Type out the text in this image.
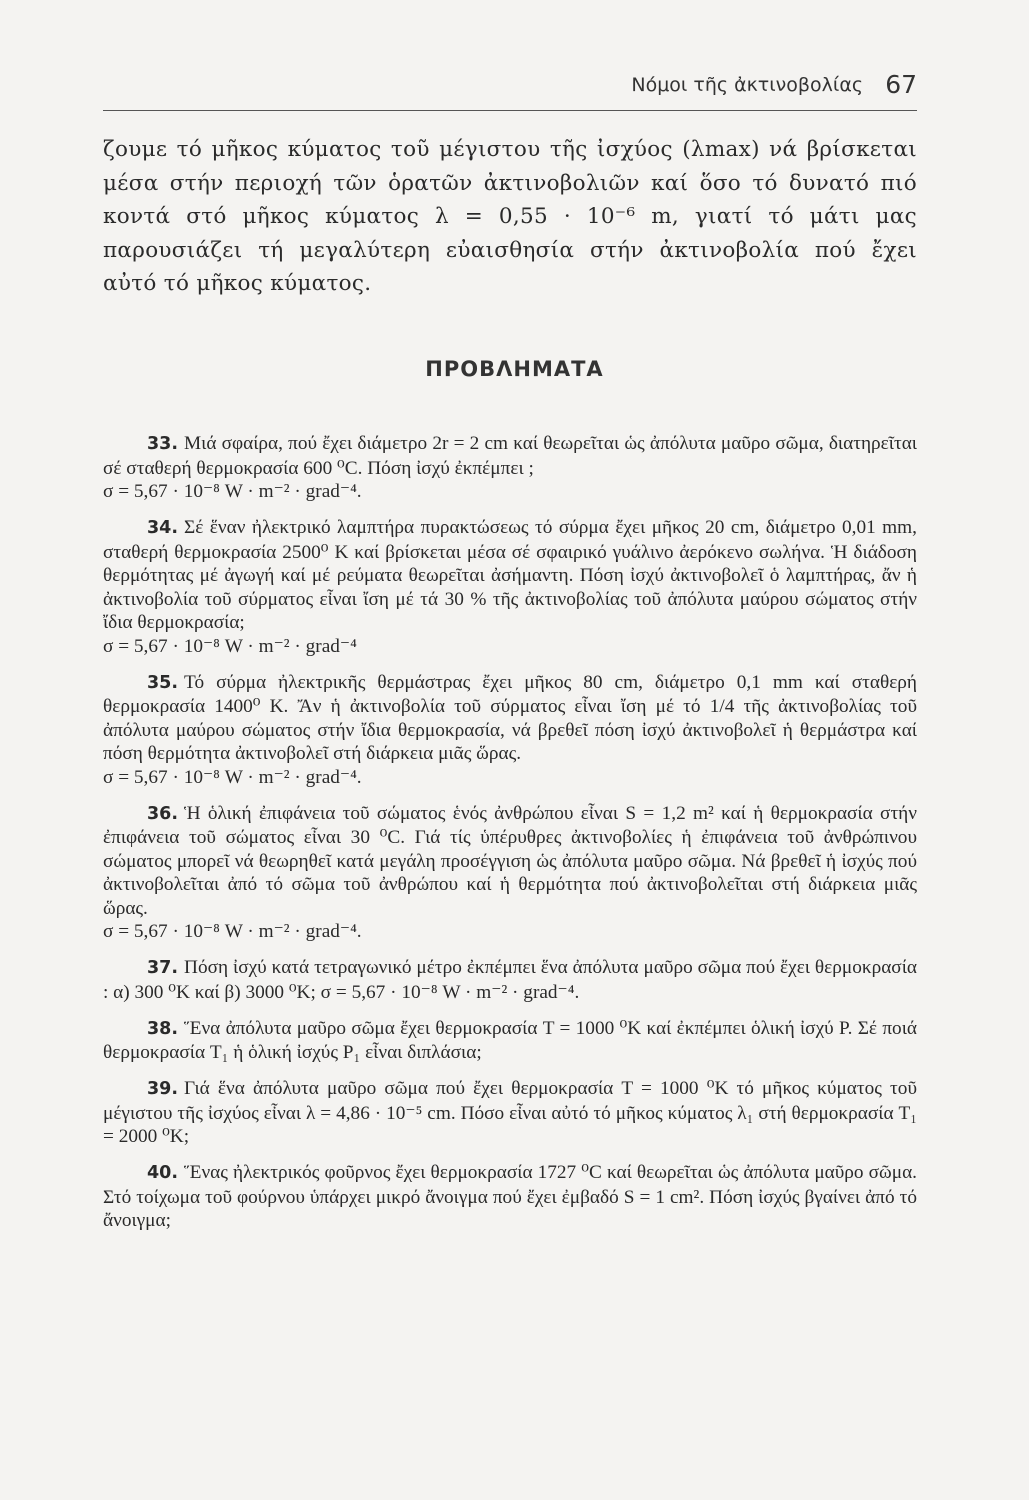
Νόμοι τῆς ἀκτινοβολίας 67

ζουμε τό μῆκος κύματος τοῦ μέγιστου τῆς ἰσχύος (λmax) νά βρίσκεται μέσα στήν περιοχή τῶν ὁρατῶν ἀκτινοβολιῶν καί ὅσο τό δυνατό πιό κοντά στό μῆκος κύματος λ = 0,55 · 10⁻⁶ m, γιατί τό μάτι μας παρουσιάζει τή μεγαλύτερη εὐαισθησία στήν ἀκτινοβολία πού ἔχει αὐτό τό μῆκος κύματος.

ΠΡΟΒΛΗΜΑΤΑ
33. Μιά σφαίρα, πού ἔχει διάμετρο 2r = 2 cm καί θεωρεῖται ὡς ἀπόλυτα μαῦρο σῶμα, διατηρεῖται σέ σταθερή θερμοκρασία 600 ⁰C. Πόση ἰσχύ ἐκπέμπει ;
σ = 5,67 · 10⁻⁸ W · m⁻² · grad⁻⁴.
34. Σέ ἕναν ἠλεκτρικό λαμπτήρα πυρακτώσεως τό σύρμα ἔχει μῆκος 20 cm, διάμετρο 0,01 mm, σταθερή θερμοκρασία 2500⁰ K καί βρίσκεται μέσα σέ σφαιρικό γυάλινο ἀερόκενο σωλήνα. Ἡ διάδοση θερμότητας μέ ἀγωγή καί μέ ρεύματα θεωρεῖται ἀσήμαντη. Πόση ἰσχύ ἀκτινοβολεῖ ὁ λαμπτήρας, ἄν ἡ ἀκτινοβολία τοῦ σύρματος εἶναι ἴση μέ τά 30 % τῆς ἀκτινοβολίας τοῦ ἀπόλυτα μαύρου σώματος στήν ἴδια θερμοκρασία;
σ = 5,67 · 10⁻⁸ W · m⁻² · grad⁻⁴
35. Τό σύρμα ἠλεκτρικῆς θερμάστρας ἔχει μῆκος 80 cm, διάμετρο 0,1 mm καί σταθερή θερμοκρασία 1400⁰ K. Ἄν ἡ ἀκτινοβολία τοῦ σύρματος εἶναι ἴση μέ τό 1/4 τῆς ἀκτινοβολίας τοῦ ἀπόλυτα μαύρου σώματος στήν ἴδια θερμοκρασία, νά βρεθεῖ πόση ἰσχύ ἀκτινοβολεῖ ἡ θερμάστρα καί πόση θερμότητα ἀκτινοβολεῖ στή διάρκεια μιᾶς ὥρας.
σ = 5,67 · 10⁻⁸ W · m⁻² · grad⁻⁴.
36. Ἡ ὁλική ἐπιφάνεια τοῦ σώματος ἑνός ἀνθρώπου εἶναι S = 1,2 m² καί ἡ θερμοκρασία στήν ἐπιφάνεια τοῦ σώματος εἶναι 30 ⁰C. Γιά τίς ὑπέρυθρες ἀκτινοβολίες ἡ ἐπιφάνεια τοῦ ἀνθρώπινου σώματος μπορεῖ νά θεωρηθεῖ κατά μεγάλη προσέγγιση ὡς ἀπόλυτα μαῦρο σῶμα. Νά βρεθεῖ ἡ ἰσχύς πού ἀκτινοβολεῖται ἀπό τό σῶμα τοῦ ἀνθρώπου καί ἡ θερμότητα πού ἀκτινοβολεῖται στή διάρκεια μιᾶς ὥρας.
σ = 5,67 · 10⁻⁸ W · m⁻² · grad⁻⁴.
37. Πόση ἰσχύ κατά τετραγωνικό μέτρο ἐκπέμπει ἕνα ἀπόλυτα μαῦρο σῶμα πού ἔχει θερμοκρασία : α) 300 ⁰K καί β) 3000 ⁰K; σ = 5,67 · 10⁻⁸ W · m⁻² · grad⁻⁴.
38. Ἕνα ἀπόλυτα μαῦρο σῶμα ἔχει θερμοκρασία T = 1000 ⁰K καί ἐκπέμπει ὁλική ἰσχύ P. Σέ ποιά θερμοκρασία T₁ ἡ ὁλική ἰσχύς P₁ εἶναι διπλάσια;
39. Γιά ἕνα ἀπόλυτα μαῦρο σῶμα πού ἔχει θερμοκρασία T = 1000 ⁰K τό μῆκος κύματος τοῦ μέγιστου τῆς ἰσχύος εἶναι λ = 4,86 · 10⁻⁵ cm. Πόσο εἶναι αὐτό τό μῆκος κύματος λ₁ στή θερμοκρασία T₁ = 2000 ⁰K;
40. Ἕνας ἠλεκτρικός φοῦρνος ἔχει θερμοκρασία 1727 ⁰C καί θεωρεῖται ὡς ἀπόλυτα μαῦρο σῶμα. Στό τοίχωμα τοῦ φούρνου ὑπάρχει μικρό ἄνοιγμα πού ἔχει ἐμβαδό S = 1 cm². Πόση ἰσχύς βγαίνει ἀπό τό ἄνοιγμα;
